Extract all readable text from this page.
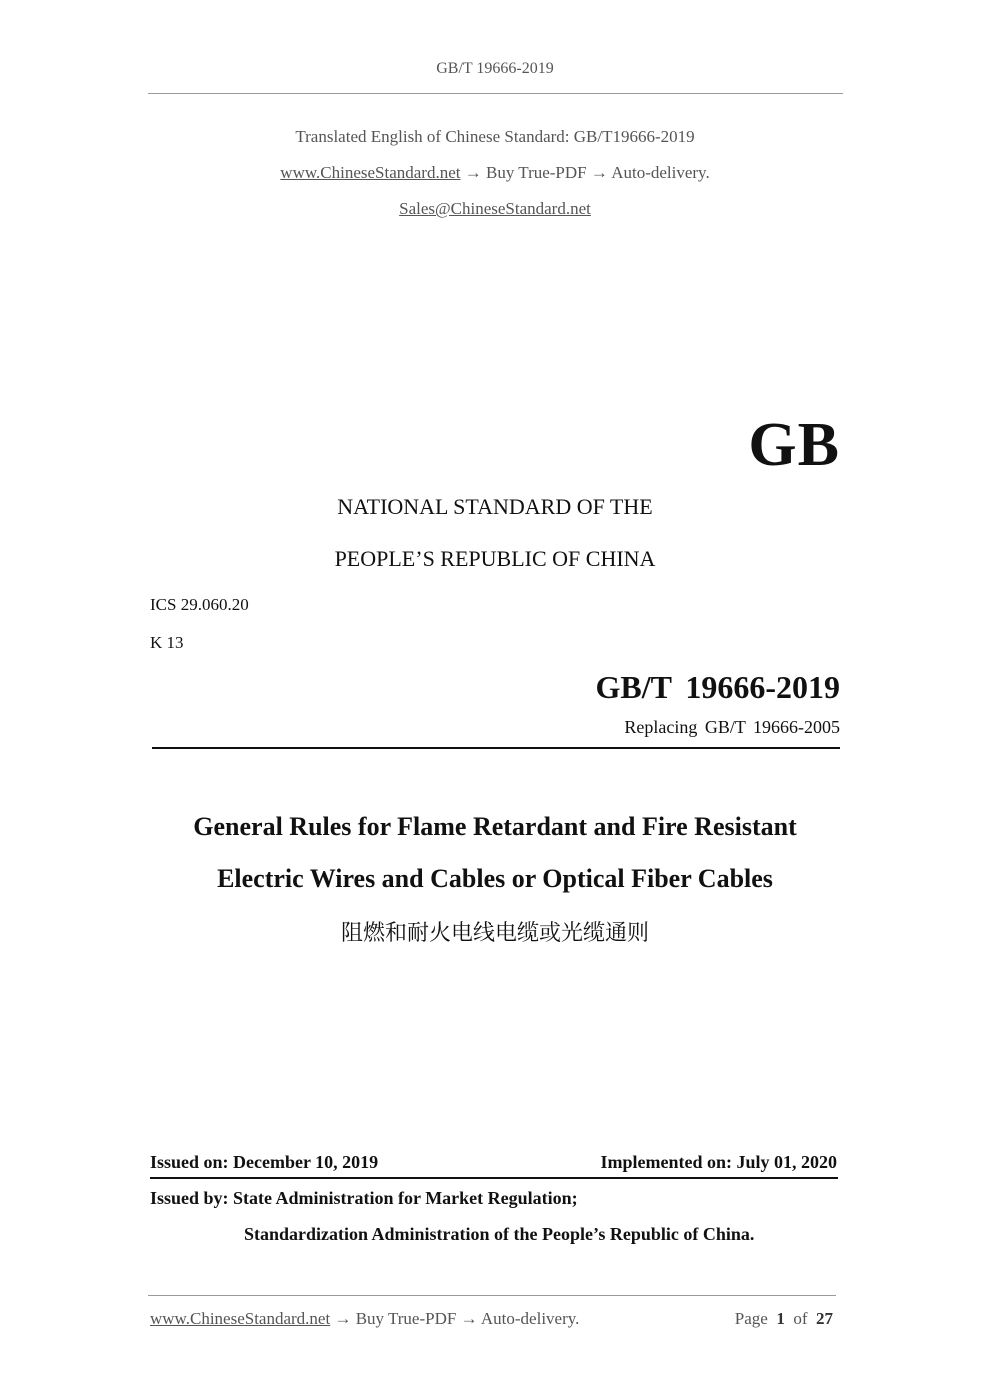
GB/T 19666-2019
Translated English of Chinese Standard: GB/T19666-2019
www.ChineseStandard.net → Buy True-PDF → Auto-delivery.
Sales@ChineseStandard.net
GB
NATIONAL STANDARD OF THE
PEOPLE’S REPUBLIC OF CHINA
ICS 29.060.20
K 13
GB/T 19666-2019
Replacing GB/T 19666-2005
General Rules for Flame Retardant and Fire Resistant
Electric Wires and Cables or Optical Fiber Cables
阻燃和耐火电线电缆或光缆通则
Issued on: December 10, 2019	Implemented on: July 01, 2020
Issued by: State Administration for Market Regulation;
Standardization Administration of the People’s Republic of China.
www.ChineseStandard.net → Buy True-PDF → Auto-delivery.	Page 1 of 27
